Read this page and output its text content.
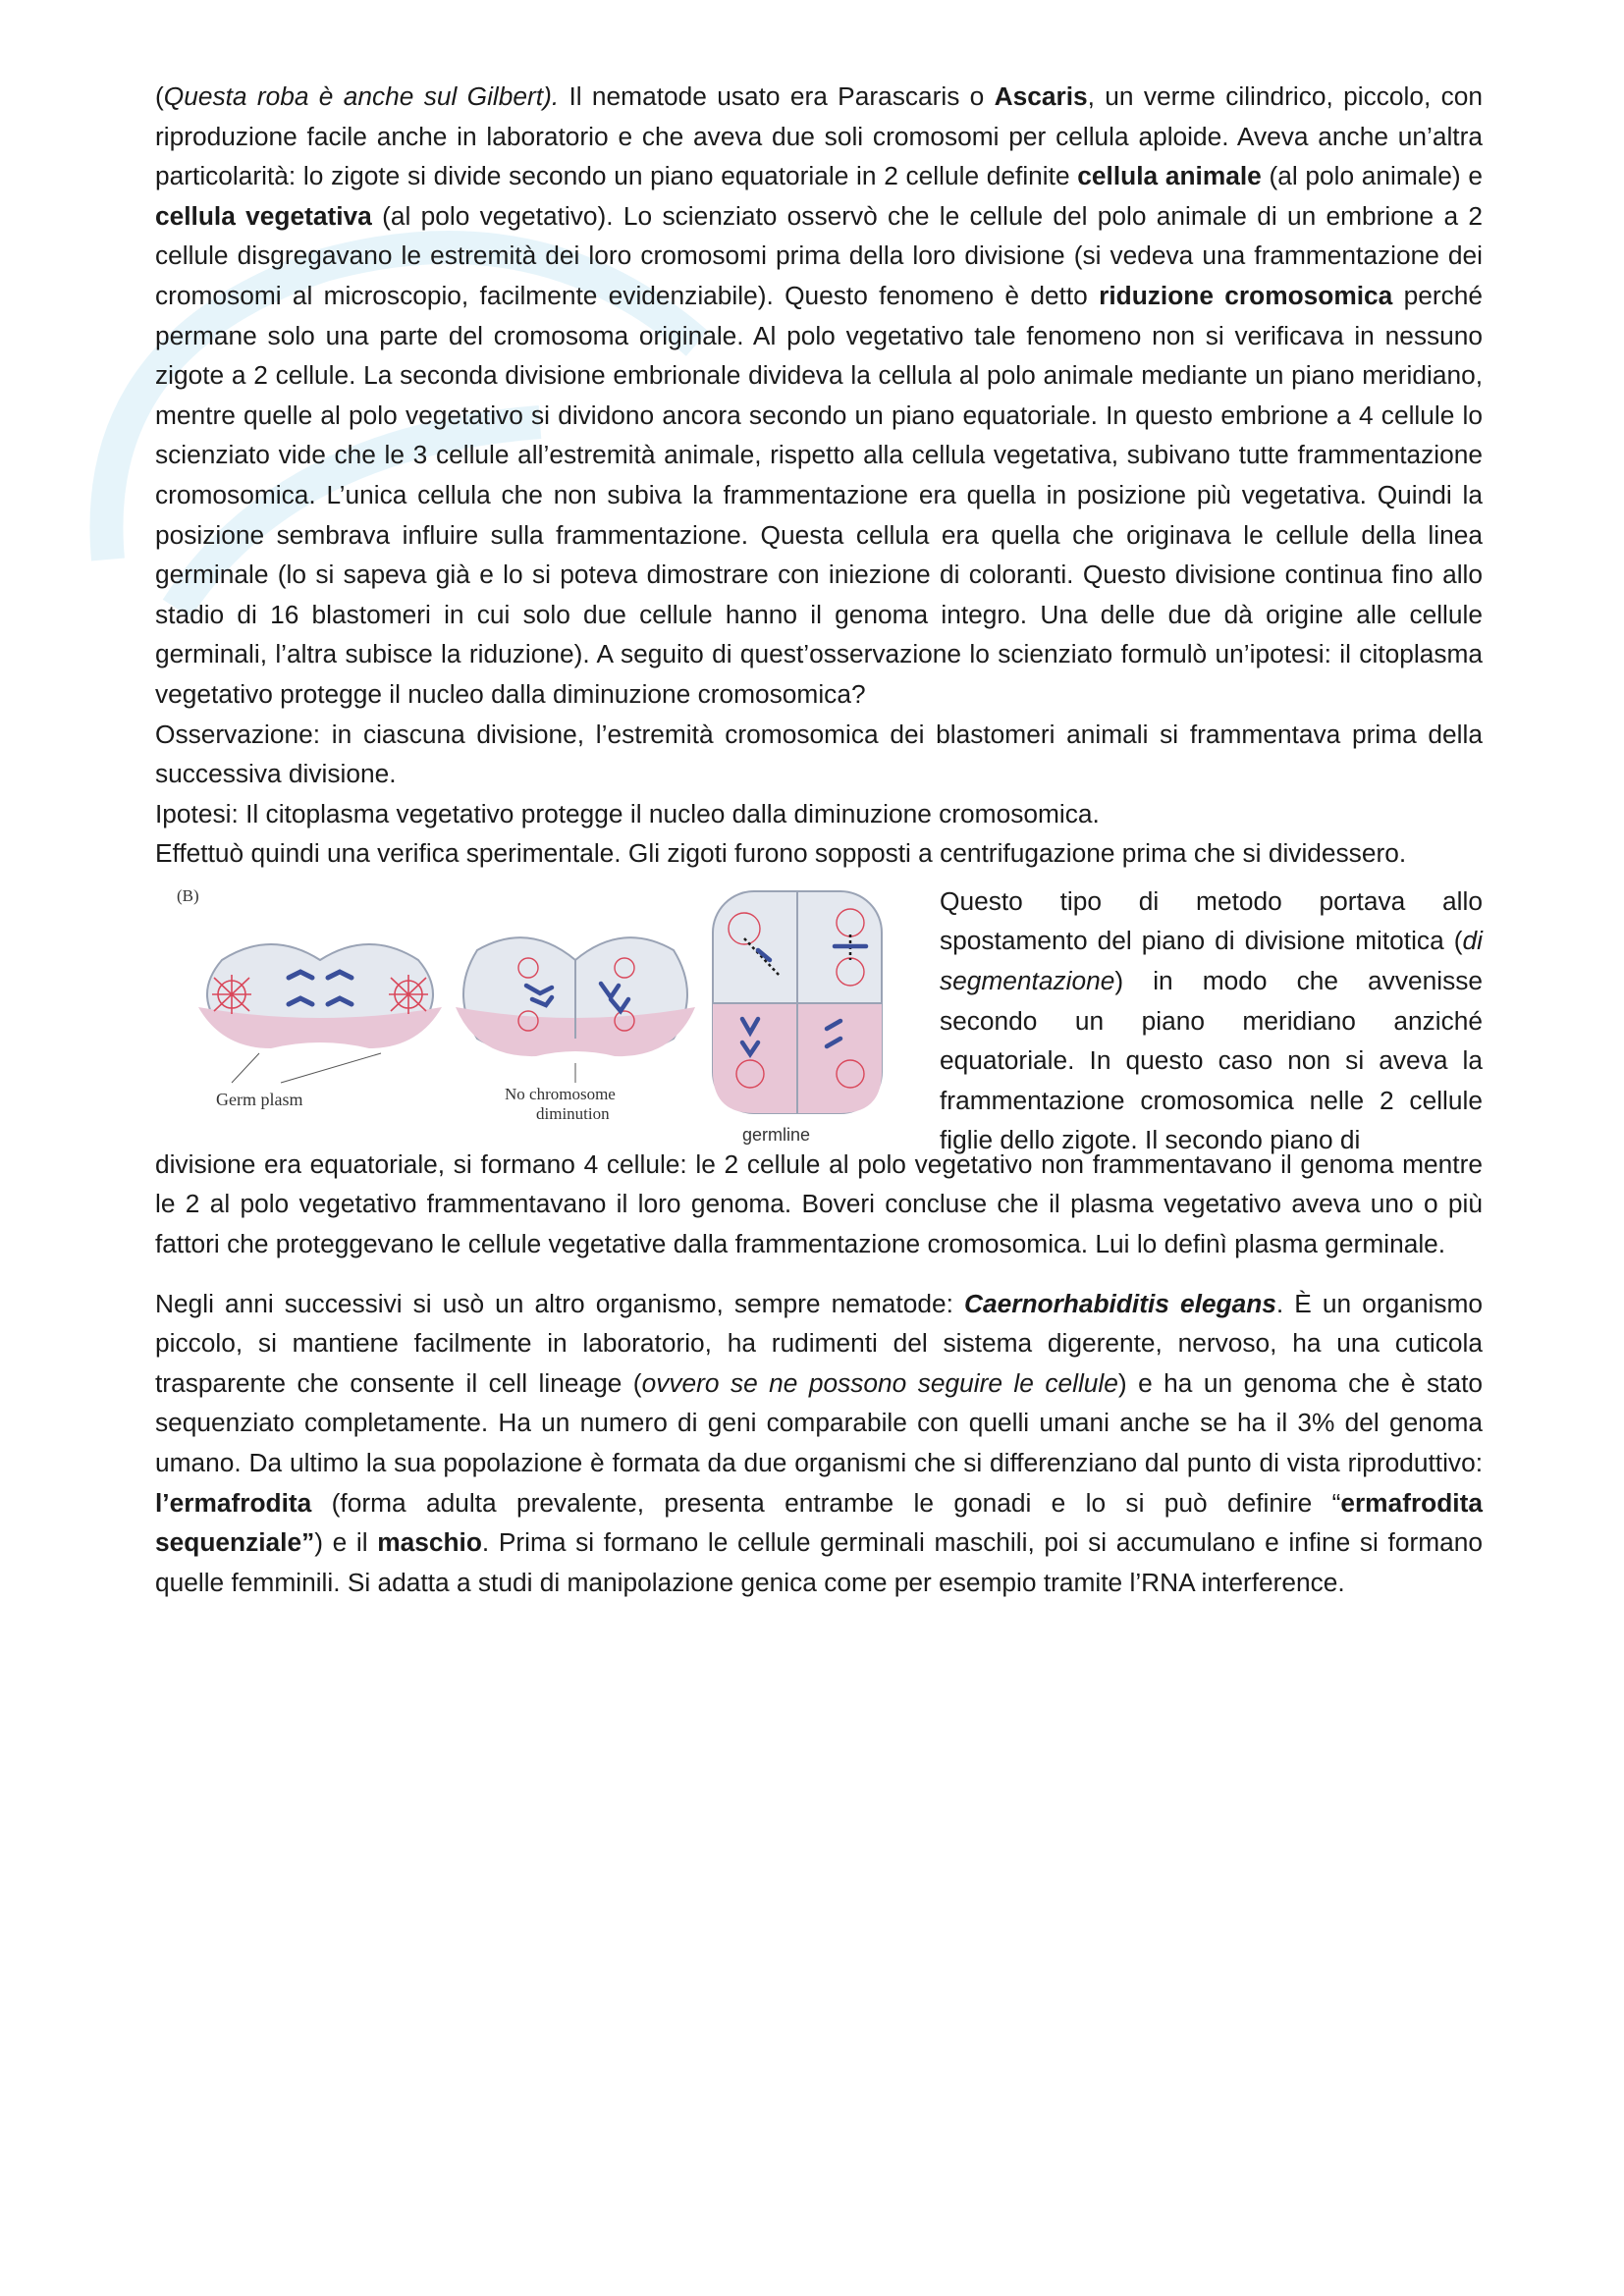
(Questa roba è anche sul Gilbert). Il nematode usato era Parascaris o Ascaris, un verme cilindrico, piccolo, con riproduzione facile anche in laboratorio e che aveva due soli cromosomi per cellula aploide. Aveva anche un’altra particolarità: lo zigote si divide secondo un piano equatoriale in 2 cellule definite cellula animale (al polo animale) e cellula vegetativa (al polo vegetativo). Lo scienziato osservò che le cellule del polo animale di un embrione a 2 cellule disgregavano le estremità dei loro cromosomi prima della loro divisione (si vedeva una frammentazione dei cromosomi al microscopio, facilmente evidenziabile). Questo fenomeno è detto riduzione cromosomica perché permane solo una parte del cromosoma originale. Al polo vegetativo tale fenomeno non si verificava in nessuno zigote a 2 cellule. La seconda divisione embrionale divideva la cellula al polo animale mediante un piano meridiano, mentre quelle al polo vegetativo si dividono ancora secondo un piano equatoriale. In questo embrione a 4 cellule lo scienziato vide che le 3 cellule all’estremità animale, rispetto alla cellula vegetativa, subivano tutte frammentazione cromosomica. L’unica cellula che non subiva la frammentazione era quella in posizione più vegetativa. Quindi la posizione sembrava influire sulla frammentazione. Questa cellula era quella che originava le cellule della linea germinale (lo si sapeva già e lo si poteva dimostrare con iniezione di coloranti. Questo divisione continua fino allo stadio di 16 blastomeri in cui solo due cellule hanno il genoma integro. Una delle due dà origine alle cellule germinali, l’altra subisce la riduzione). A seguito di quest’osservazione lo scienziato formulò un’ipotesi: il citoplasma vegetativo protegge il nucleo dalla diminuzione cromosomica?

Osservazione: in ciascuna divisione, l’estremità cromosomica dei blastomeri animali si frammentava prima della successiva divisione.

Ipotesi: Il citoplasma vegetativo protegge il nucleo dalla diminuzione cromosomica.

Effettuò quindi una verifica sperimentale. Gli zigoti furono sopposti a centrifugazione prima che si dividessero.

(B)
Germ plasm	No chromosome
diminution
germline

Questo tipo di metodo portava allo spostamento del piano di divisione mitotica (di segmentazione) in modo che avvenisse secondo un piano meridiano anziché equatoriale. In questo caso non si aveva la frammentazione cromosomica nelle 2 cellule figlie dello zigote. Il secondo piano di

divisione era equatoriale, si formano 4 cellule: le 2 cellule al polo vegetativo non frammentavano il genoma mentre le 2 al polo vegetativo frammentavano il loro genoma. Boveri concluse che il plasma vegetativo aveva uno o più fattori che proteggevano le cellule vegetative dalla frammentazione cromosomica. Lui lo definì plasma germinale.

Negli anni successivi si usò un altro organismo, sempre nematode: Caernorhabiditis elegans. È un organismo piccolo, si mantiene facilmente in laboratorio, ha rudimenti del sistema digerente, nervoso, ha una cuticola trasparente che consente il cell lineage (ovvero se ne possono seguire le cellule) e ha un genoma che è stato sequenziato completamente. Ha un numero di geni comparabile con quelli umani anche se ha il 3% del genoma umano. Da ultimo la sua popolazione è formata da due organismi che si differenziano dal punto di vista riproduttivo: l’ermafrodita (forma adulta prevalente, presenta entrambe le gonadi e lo si può definire “ermafrodita sequenziale”) e il maschio. Prima si formano le cellule germinali maschili, poi si accumulano e infine si formano quelle femminili. Si adatta a studi di manipolazione genica come per esempio tramite l’RNA interference.
